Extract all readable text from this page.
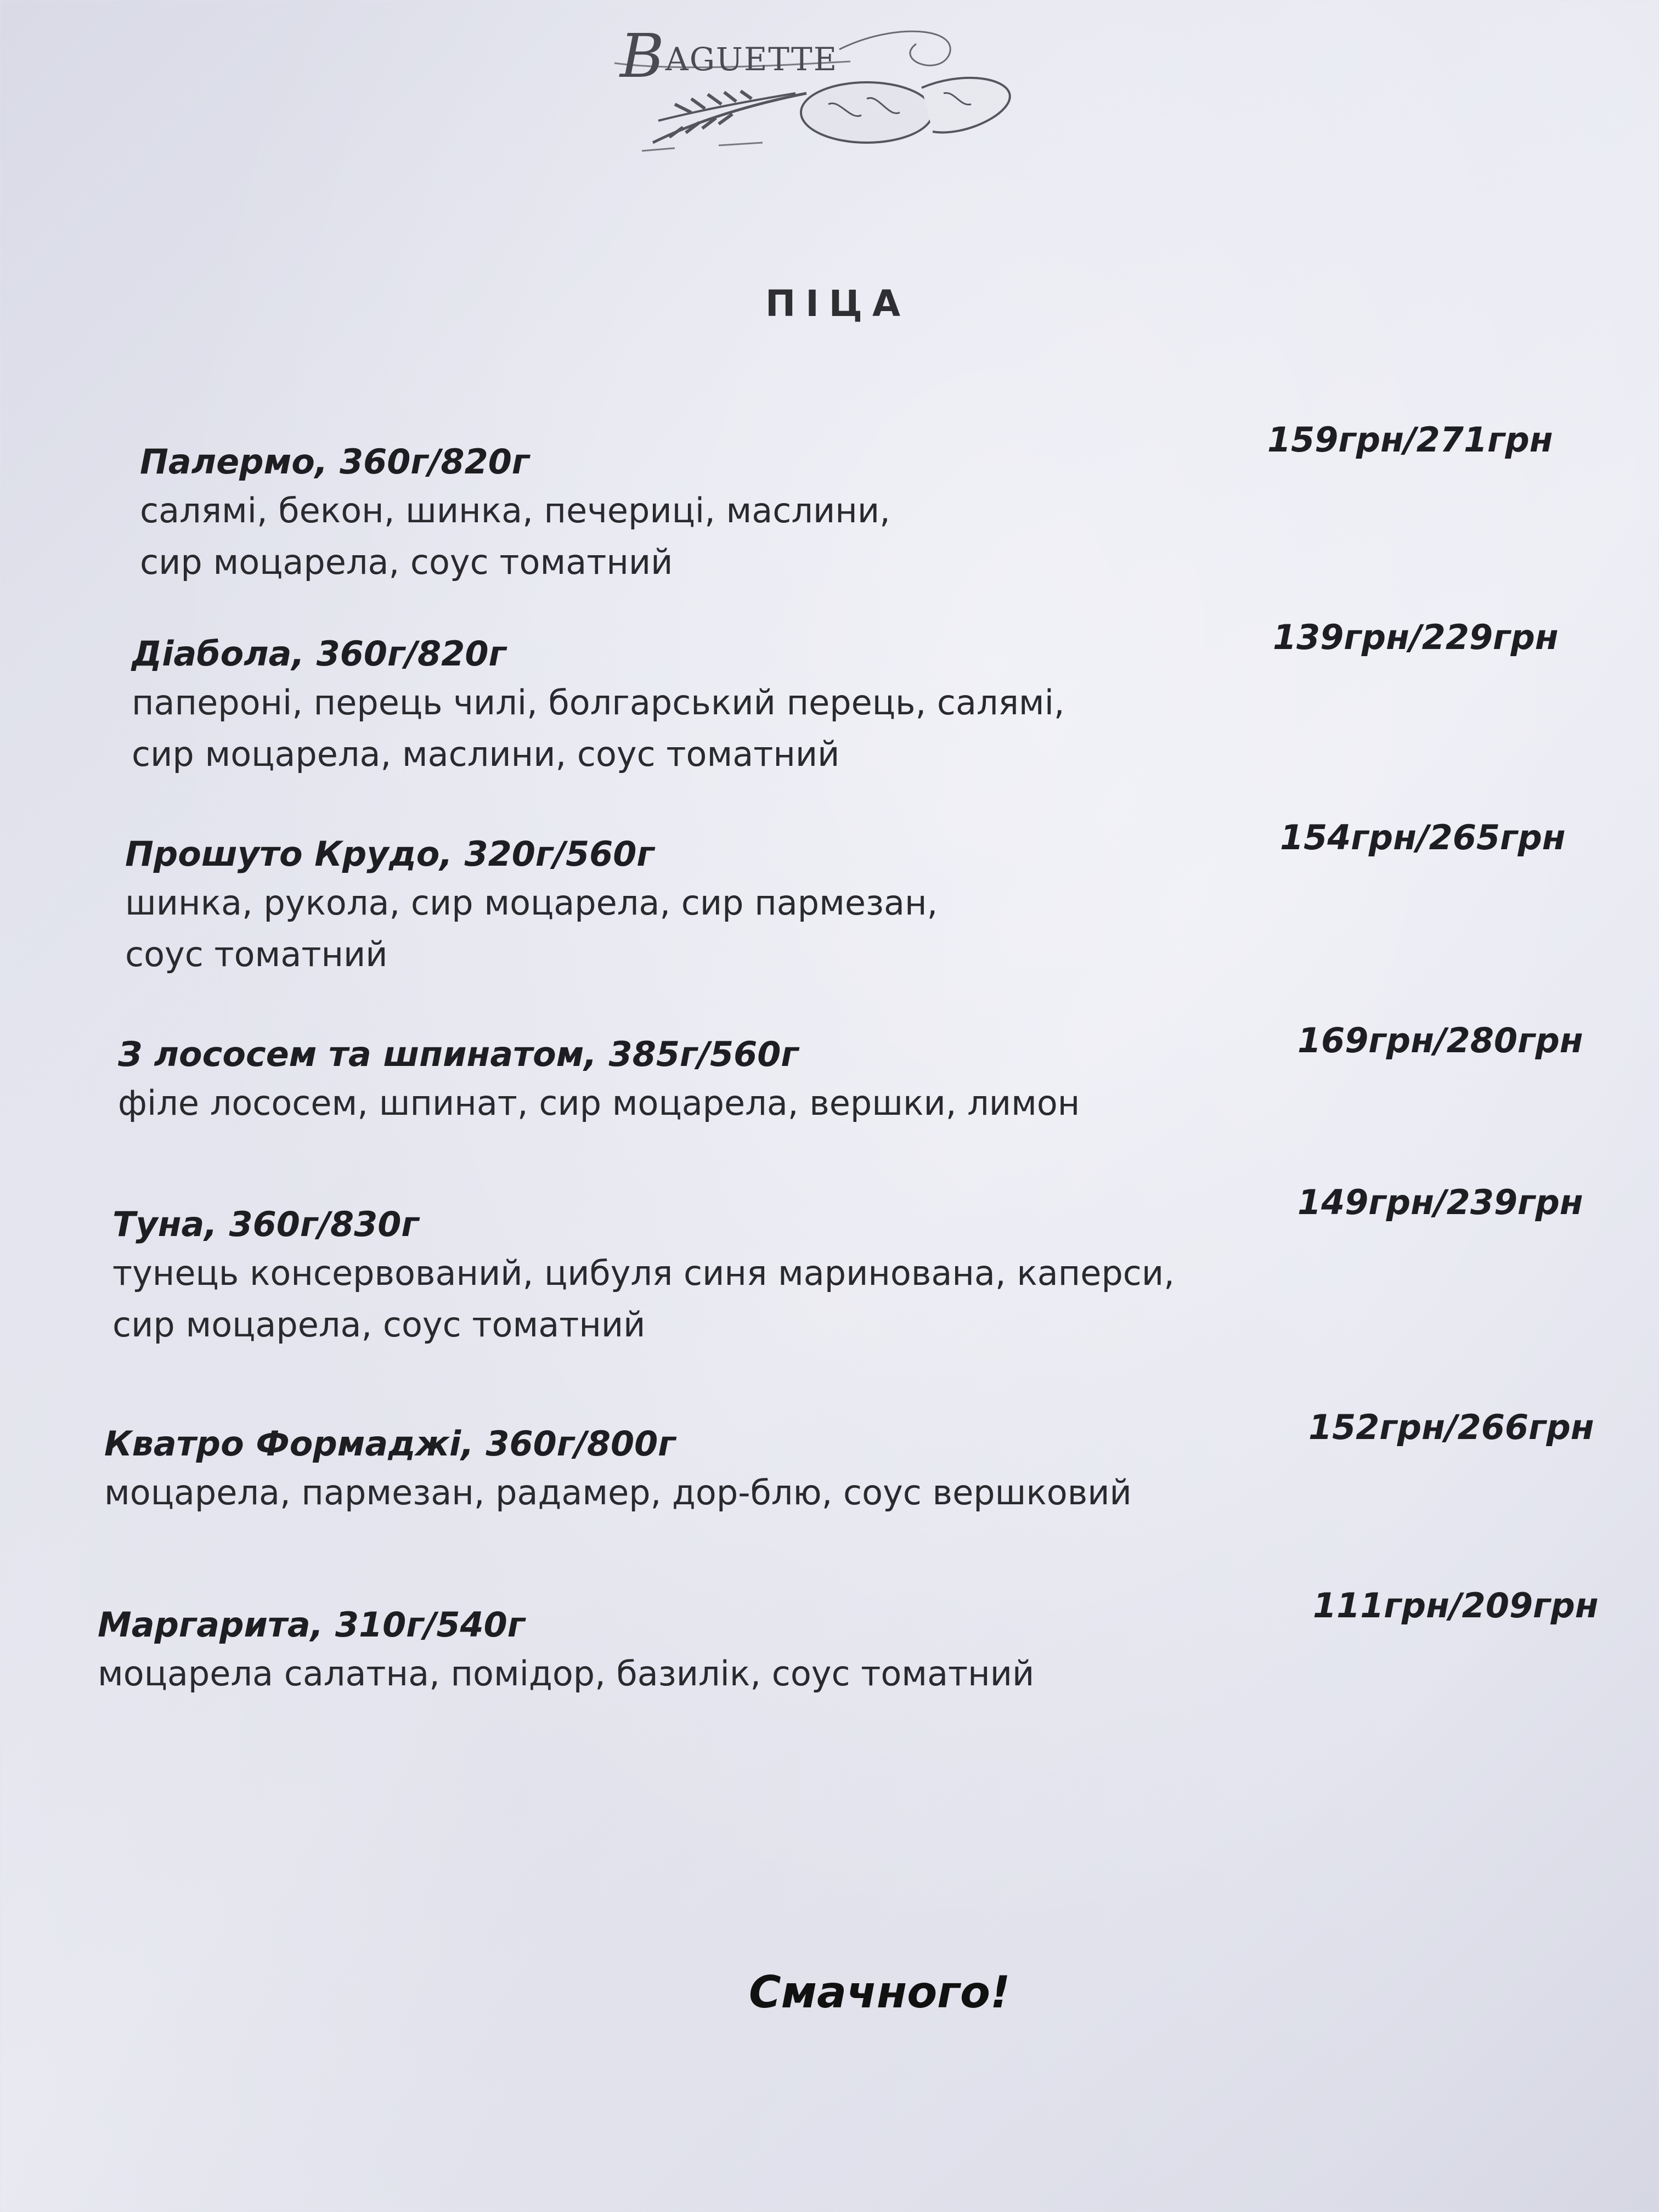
BAGUETTE
ПІЦА
Палермо, 360г/820г
салямі, бекон, шинка, печериці, маслини,
сир моцарела, соус томатний
159грн/271грн
Діабола, 360г/820г
папероні, перець чилі, болгарський перець, салямі,
сир моцарела, маслини, соус томатний
139грн/229грн
Прошуто Крудо, 320г/560г
шинка, рукола, сир моцарела, сир пармезан,
соус томатний
154грн/265грн
З лососем та шпинатом, 385г/560г
філе лососем, шпинат, сир моцарела, вершки, лимон
169грн/280грн
Туна, 360г/830г
тунець консервований, цибуля синя маринована, каперси,
сир моцарела, соус томатний
149грн/239грн
Кватро Формаджі, 360г/800г
моцарела, пармезан, радамер, дор-блю, соус вершковий
152грн/266грн
Маргарита, 310г/540г
моцарела салатна, помідор, базилік, соус томатний
111грн/209грн
Смачного!
